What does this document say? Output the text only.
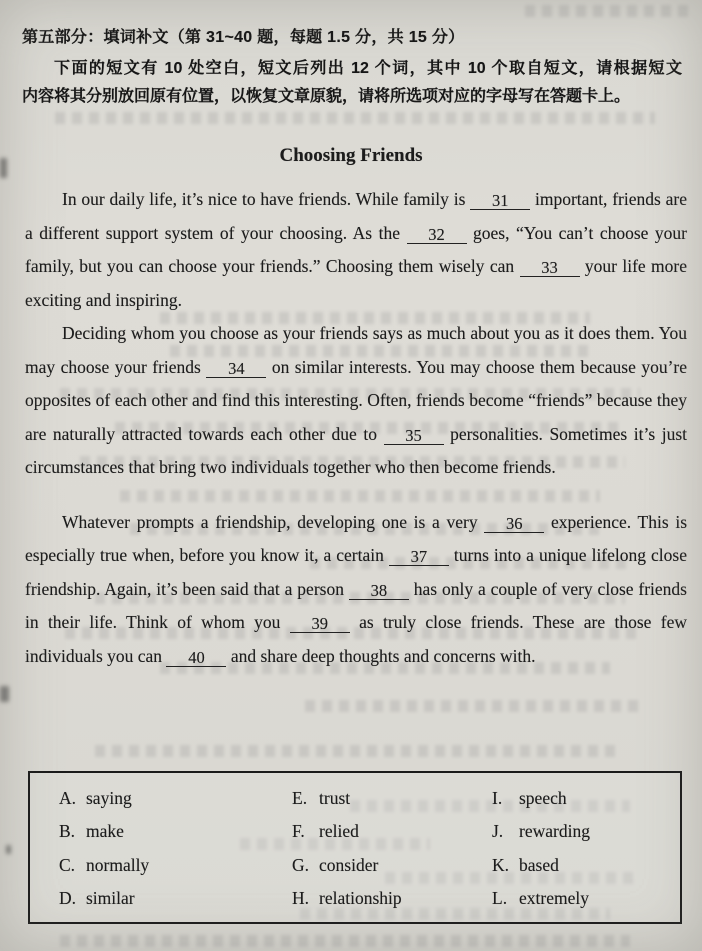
第五部分：填词补文（第 31~40 题，每题 1.5 分，共 15 分）
下面的短文有 10 处空白，短文后列出 12 个词，其中 10 个取自短文，请根据短文
内容将其分别放回原有位置，以恢复文章原貌，请将所选项对应的字母写在答题卡上。
Choosing Friends

In our daily life, it’s nice to have friends. While family is 31 important, friends are a different support system of your choosing. As the 32 goes, “You can’t choose your family, but you can choose your friends.” Choosing them wisely can 33 your life more exciting and inspiring.

Deciding whom you choose as your friends says as much about you as it does them. You may choose your friends 34 on similar interests. You may choose them because you’re opposites of each other and find this interesting. Often, friends become “friends” because they are naturally attracted towards each other due to 35 personalities. Sometimes it’s just circumstances that bring two individuals together who then become friends.

Whatever prompts a friendship, developing one is a very 36 experience. This is especially true when, before you know it, a certain 37 turns into a unique lifelong close friendship. Again, it’s been said that a person 38 has only a couple of very close friends in their life. Think of whom you 39 as truly close friends. These are those few individuals you can 40 and share deep thoughts and concerns with.

A. saying
B. make
C. normally
D. similar
E. trust
F. relied
G. consider
H. relationship
I. speech
J. rewarding
K. based
L. extremely
